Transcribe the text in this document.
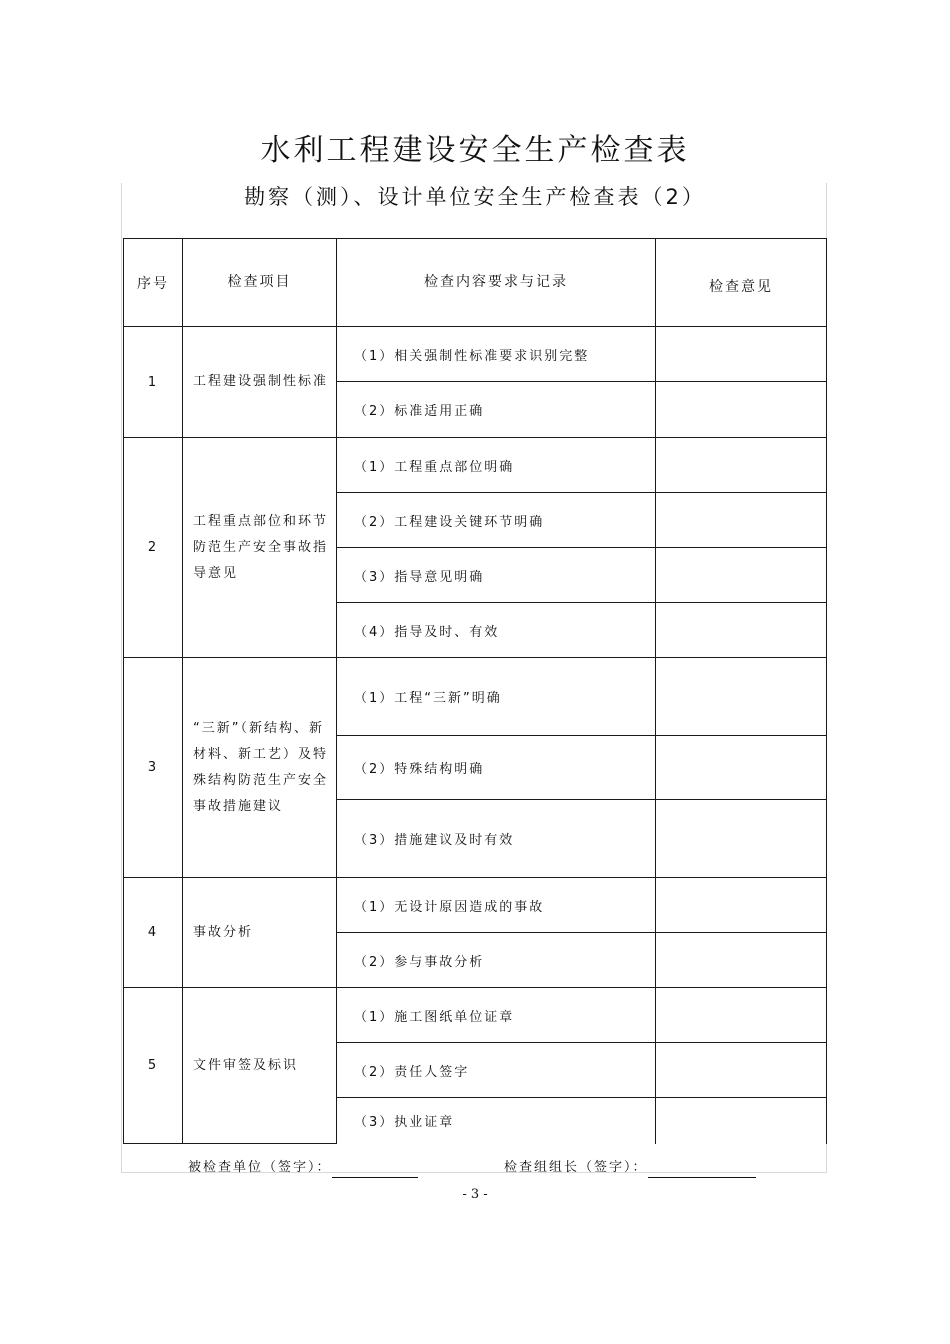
水利工程建设安全生产检查表
勘察（测）、设计单位安全生产检查表（2）
序号	检查项目	检查内容要求与记录	检查意见
1	工程建设强制性标准	（1）相关强制性标准要求识别完整	
		（2）标准适用正确	
2	工程重点部位和环节防范生产安全事故指导意见	（1）工程重点部位明确	
		（2）工程建设关键环节明确	
		（3）指导意见明确	
		（4）指导及时、有效	
3	“三新”（新结构、新材料、新工艺）及特殊结构防范生产安全事故措施建议	（1）工程“三新”明确	
		（2）特殊结构明确	
		（3）措施建议及时有效	
4	事故分析	（1）无设计原因造成的事故	
		（2）参与事故分析	
5	文件审签及标识	（1）施工图纸单位证章	
		（2）责任人签字	
		（3）执业证章	
被检查单位（签字）：	检查组组长（签字）：
- 3 -
